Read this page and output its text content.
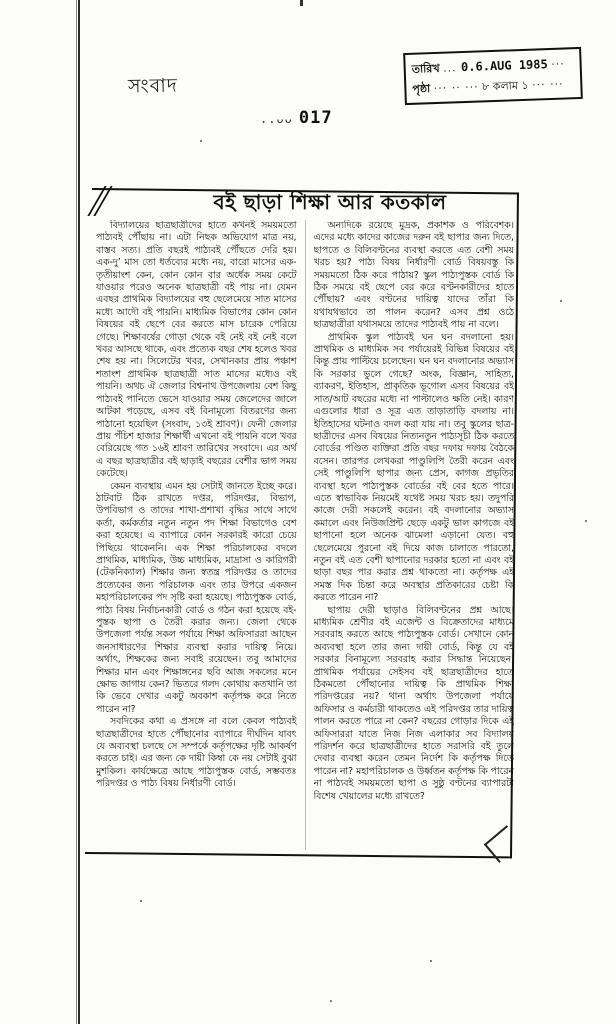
সংবাদ
..ᴗᴗ 017
তারিখ ... 0.6.AUG 1985 ···
পৃষ্ঠা ··· ·· ··· ৮ কলাম ১ ··· ···
বই ছাড়া শিক্ষা আর কতকাল

বিদ্যালয়ের ছাত্রছাত্রীদের হাতে কখনই সময়মতো পাঠ্যবই পৌঁছায় না। এটা নিছক অভিযোগ মাত্র নয়, বাস্তব সত্য। প্রতি বছরই পাঠ্যবই পৌঁছতে দেরি হয়। এক-দু’ মাস তো ধর্তব্যের মধ্যে নয়, বারো মাসের এক-তৃতীয়াংশ কেন, কোন কোন বার অর্ধেক সময় কেটে যাওয়ার পরেও অনেক ছাত্রছাত্রী বই পায় না। যেমন এবছর প্রাথমিক বিদ্যালয়ের বহু ছেলেমেয়ে সাত মাসের মধ্যে আদৌ বই পায়নি। মাধ্যমিক বিভাগের কোন কোন বিষয়ের বই ছেপে বের করতে মাস চারেক পেরিয়ে গেছে। শিক্ষাবর্ষের গোড়া থেকে বই নেই বই নেই বলে খবর আসছে থাকে, এবং প্রত্যেক বছর শেষ হলেও খবর শেষ হয় না। সিলেটের খবর, সেখানকার প্রায় পঞ্চাশ শতাংশ প্রাথমিক ছাত্রছাত্রী সাত মাসের মধ্যেও বই পায়নি। অথচ ঐ জেলার বিশ্বনাথ উপজেলায় বেশ কিছু পাঠ্যবই পানিতে ভেসে যাওয়ার সময় জেলেদের জালে আটকা পড়েছে, এসব বই বিনামূল্যে বিতরণের জন্য পাঠানো হয়েছিল (সংবাদ, ১৩ই শ্রাবণ)। ফেনী জেলার প্রায় পঁচিশ হাজার শিক্ষার্থী এখনো বই পায়নি বলে খবর বেরিয়েছে গত ১৬ই শ্রাবণ তারিখের সংবাদে। এর অর্থ এ বছর ছাত্রছাত্রীর বই ছাড়াই বছরের বেশীর ভাগ সময় কেটেছে।

কেমন ব্যবস্থায় এমন হয় সেটাই জানতে ইচ্ছে করে। ঠাটবাট ঠিক রাখতে দপ্তর, পরিদপ্তর, বিভাগ, উপবিভাগ ও তাদের শাখা-প্রশাখা বৃদ্ধির সাথে সাথে কর্তা, কর্মকর্তার নতুন নতুন পদ শিক্ষা বিভাগেও বেশ করা হয়েছে। এ ব্যাপারে কোন সরকারই কারো চেয়ে পিছিয়ে থাকেননি। এক শিক্ষা পরিচালকের বদলে প্রাথমিক, মাধ্যমিক, উচ্চ মাধ্যমিক, মাদ্রাসা ও কারিগরী (টেকনিক্যাল) শিক্ষার জন্য স্বতন্ত্র পরিদপ্তর ও তাদের প্রত্যেকের জন্য পরিচালক এবং তার উপরে একজন মহাপরিচালকের পদ সৃষ্টি করা হয়েছে। পাঠ্যপুস্তক বোর্ড, পাঠ্য বিষয় নির্বাচনকারী বোর্ড ও গঠন করা হয়েছে বই-পুস্তক ছাপা ও তৈরী করার জন্য। জেলা থেকে উপজেলা পর্যন্ত সকল পর্যায়ে শিক্ষা অফিসাররা আছেন জনসাধারণের শিক্ষার ব্যবস্থা করার দায়িত্ব নিয়ে। অর্থাৎ, শিক্ষকের জন্য সবাই রয়েছেন। তবু আমাদের শিক্ষার মান এবং শিক্ষাঙ্গনের ছবি আজ সকলের মনে ক্ষোভ জাগায় কেন? ভিতরে গলদ কোথায় কতখানি তা কি ভেবে দেখার একটু অবকাশ কর্তৃপক্ষ করে নিতে পারেন না?

সবদিকের কথা এ প্রসঙ্গে না বলে কেবল পাঠ্যবই ছাত্রছাত্রীদের হাতে পৌঁছানোর ব্যাপারে দীর্ঘদিন যাবৎ যে অব্যবস্থা চলছে সে সম্পর্কে কর্তৃপক্ষের দৃষ্টি আকর্ষণ করতে চাই। এর জন্য কে দায়ী কিম্বা কে নয় সেটাই বুঝা মুশকিল। কার্যক্ষেত্রে আছে পাঠ্যপুস্তক বোর্ড, সম্ভবতঃ পরিদপ্তর ও পাঠ্য বিষয় নির্ধারণী বোর্ড।

অন্যদিকে রয়েছে মুদ্রক, প্রকাশক ও পরিবেশক। এদের মধ্যে কাদের কাজের দরুন বই ছাপার জন্য দিতে, ছাপতে ও বিলিবণ্টনের ব্যবস্থা করতে এত বেশী সময় খরচ হয়? পাঠ্য বিষয় নির্ধারণী বোর্ড বিষয়বস্তু কি সময়মতো ঠিক করে পাঠায়? স্কুল পাঠ্যপুস্তক বোর্ড কি ঠিক সময়ে বই ছেপে বের করে বণ্টনকারীদের হাতে পৌঁছায়? এবং বণ্টনের দায়িত্ব যাদের তাঁরা কি যথাযথভাবে তা পালন করেন? এসব প্রশ্ন ওঠে ছাত্রছাত্রীরা যথাসময়ে তাদের পাঠ্যবই পায় না বলে।

প্রাথমিক স্কুল পাঠ্যবই ঘন ঘন বদলানো হয়। প্রাথমিক ও মাধ্যমিক সব পর্যায়েরই বিভিন্ন বিষয়ের বই কিন্তু প্রায় পাল্টিয়ে চলেছেন। ঘন ঘন বদলানোর অভ্যাস কি সরকার ভুলে গেছে? অংক, বিজ্ঞান, সাহিত্য, ব্যাকরণ, ইতিহাস, প্রাকৃতিক ভূগোল এসব বিষয়ের বই সাত/আট বছরের মধ্যে না পাল্টালেও ক্ষতি নেই। কারণ এগুলোর ধারা ও সূত্র এত তাড়াতাড়ি বদলায় না। ইতিহাসের ঘটনাও বদল করা যায় না। তবু স্কুলের ছাত্র-ছাত্রীদের এসব বিষয়ের নিত্যনতুন পাঠ্যসূচী ঠিক করতে বোর্ডের পণ্ডিত ব্যক্তিরা প্রতি বছর দফায় দফায় বৈঠকে বসেন। তারপর লেখকরা পাণ্ডুলিপি তৈরী করেন এবং সেই পাণ্ডুলিপি ছাপার জন্য প্রেস, কাগজ প্রভৃতির ব্যবস্থা হলে পাঠ্যপুস্তক বোর্ডের বই বের হতে পারে। এতে স্বাভাবিক নিয়মেই যথেষ্ট সময় খরচ হয়। তদুপরি কাজে দেরী সকলেই করেন। বই বদলানোর অভ্যাস কমালে এবং নিউজপ্রিন্ট ছেড়ে একটু ভাল কাগজে বই ছাপানো হলে অনেক ঝামেলা এড়ানো যেত। বহু ছেলেমেয়ে পুরনো বই দিয়ে কাজ চালাতে পারতো, নতুন বই এত বেশী ছাপানোর দরকার হতো না এবং বই ছাড়া বছর পার করার প্রশ্ন থাকতো না। কর্তৃপক্ষ এই সমস্ত দিক চিন্তা করে অবস্থার প্রতিকারের চেষ্টা কি করতে পারেন না?

ছাপায় দেরী ছাড়াও বিলিবণ্টনের প্রশ্ন আছে। মাধ্যমিক শ্রেণীর বই এজেন্ট ও বিক্রেতাদের মাধ্যমে সরবরাহ করতে আছে পাঠ্যপুস্তক বোর্ড। সেখানে কোন অব্যবস্থা হলে তার জন্য দায়ী বোর্ড, কিন্তু যে বই সরকার বিনামূল্যে সরবরাহ করার সিদ্ধান্ত নিয়েছেন, প্রাথমিক পর্যায়ের সেইসব বই ছাত্রছাত্রীদের হাতে ঠিকমতো পৌঁছানোর দায়িত্ব কি প্রাথমিক শিক্ষা পরিদপ্তরের নয়? থানা অর্থাৎ উপজেলা পর্যায়ে অফিসার ও কর্মচারী থাকতেও এই পরিদপ্তর তার দায়িত্ব পালন করতে পারে না কেন? বছরের গোড়ার দিকে এই অফিসাররা যাতে নিজ নিজ এলাকার সব বিদ্যালয় পরিদর্শন করে ছাত্রছাত্রীদের হাতে সরাসরি বই তুলে দেবার ব্যবস্থা করেন তেমন নির্দেশ কি কর্তৃপক্ষ দিতে পারেন না? মহাপরিচালক ও উর্ধ্বতন কর্তৃপক্ষ কি পারেন না পাঠ্যবই সময়মতো ছাপা ও সুষ্ঠু বণ্টনের ব্যাপারটা বিশেষ খেয়ালের মধ্যে রাখতে?
